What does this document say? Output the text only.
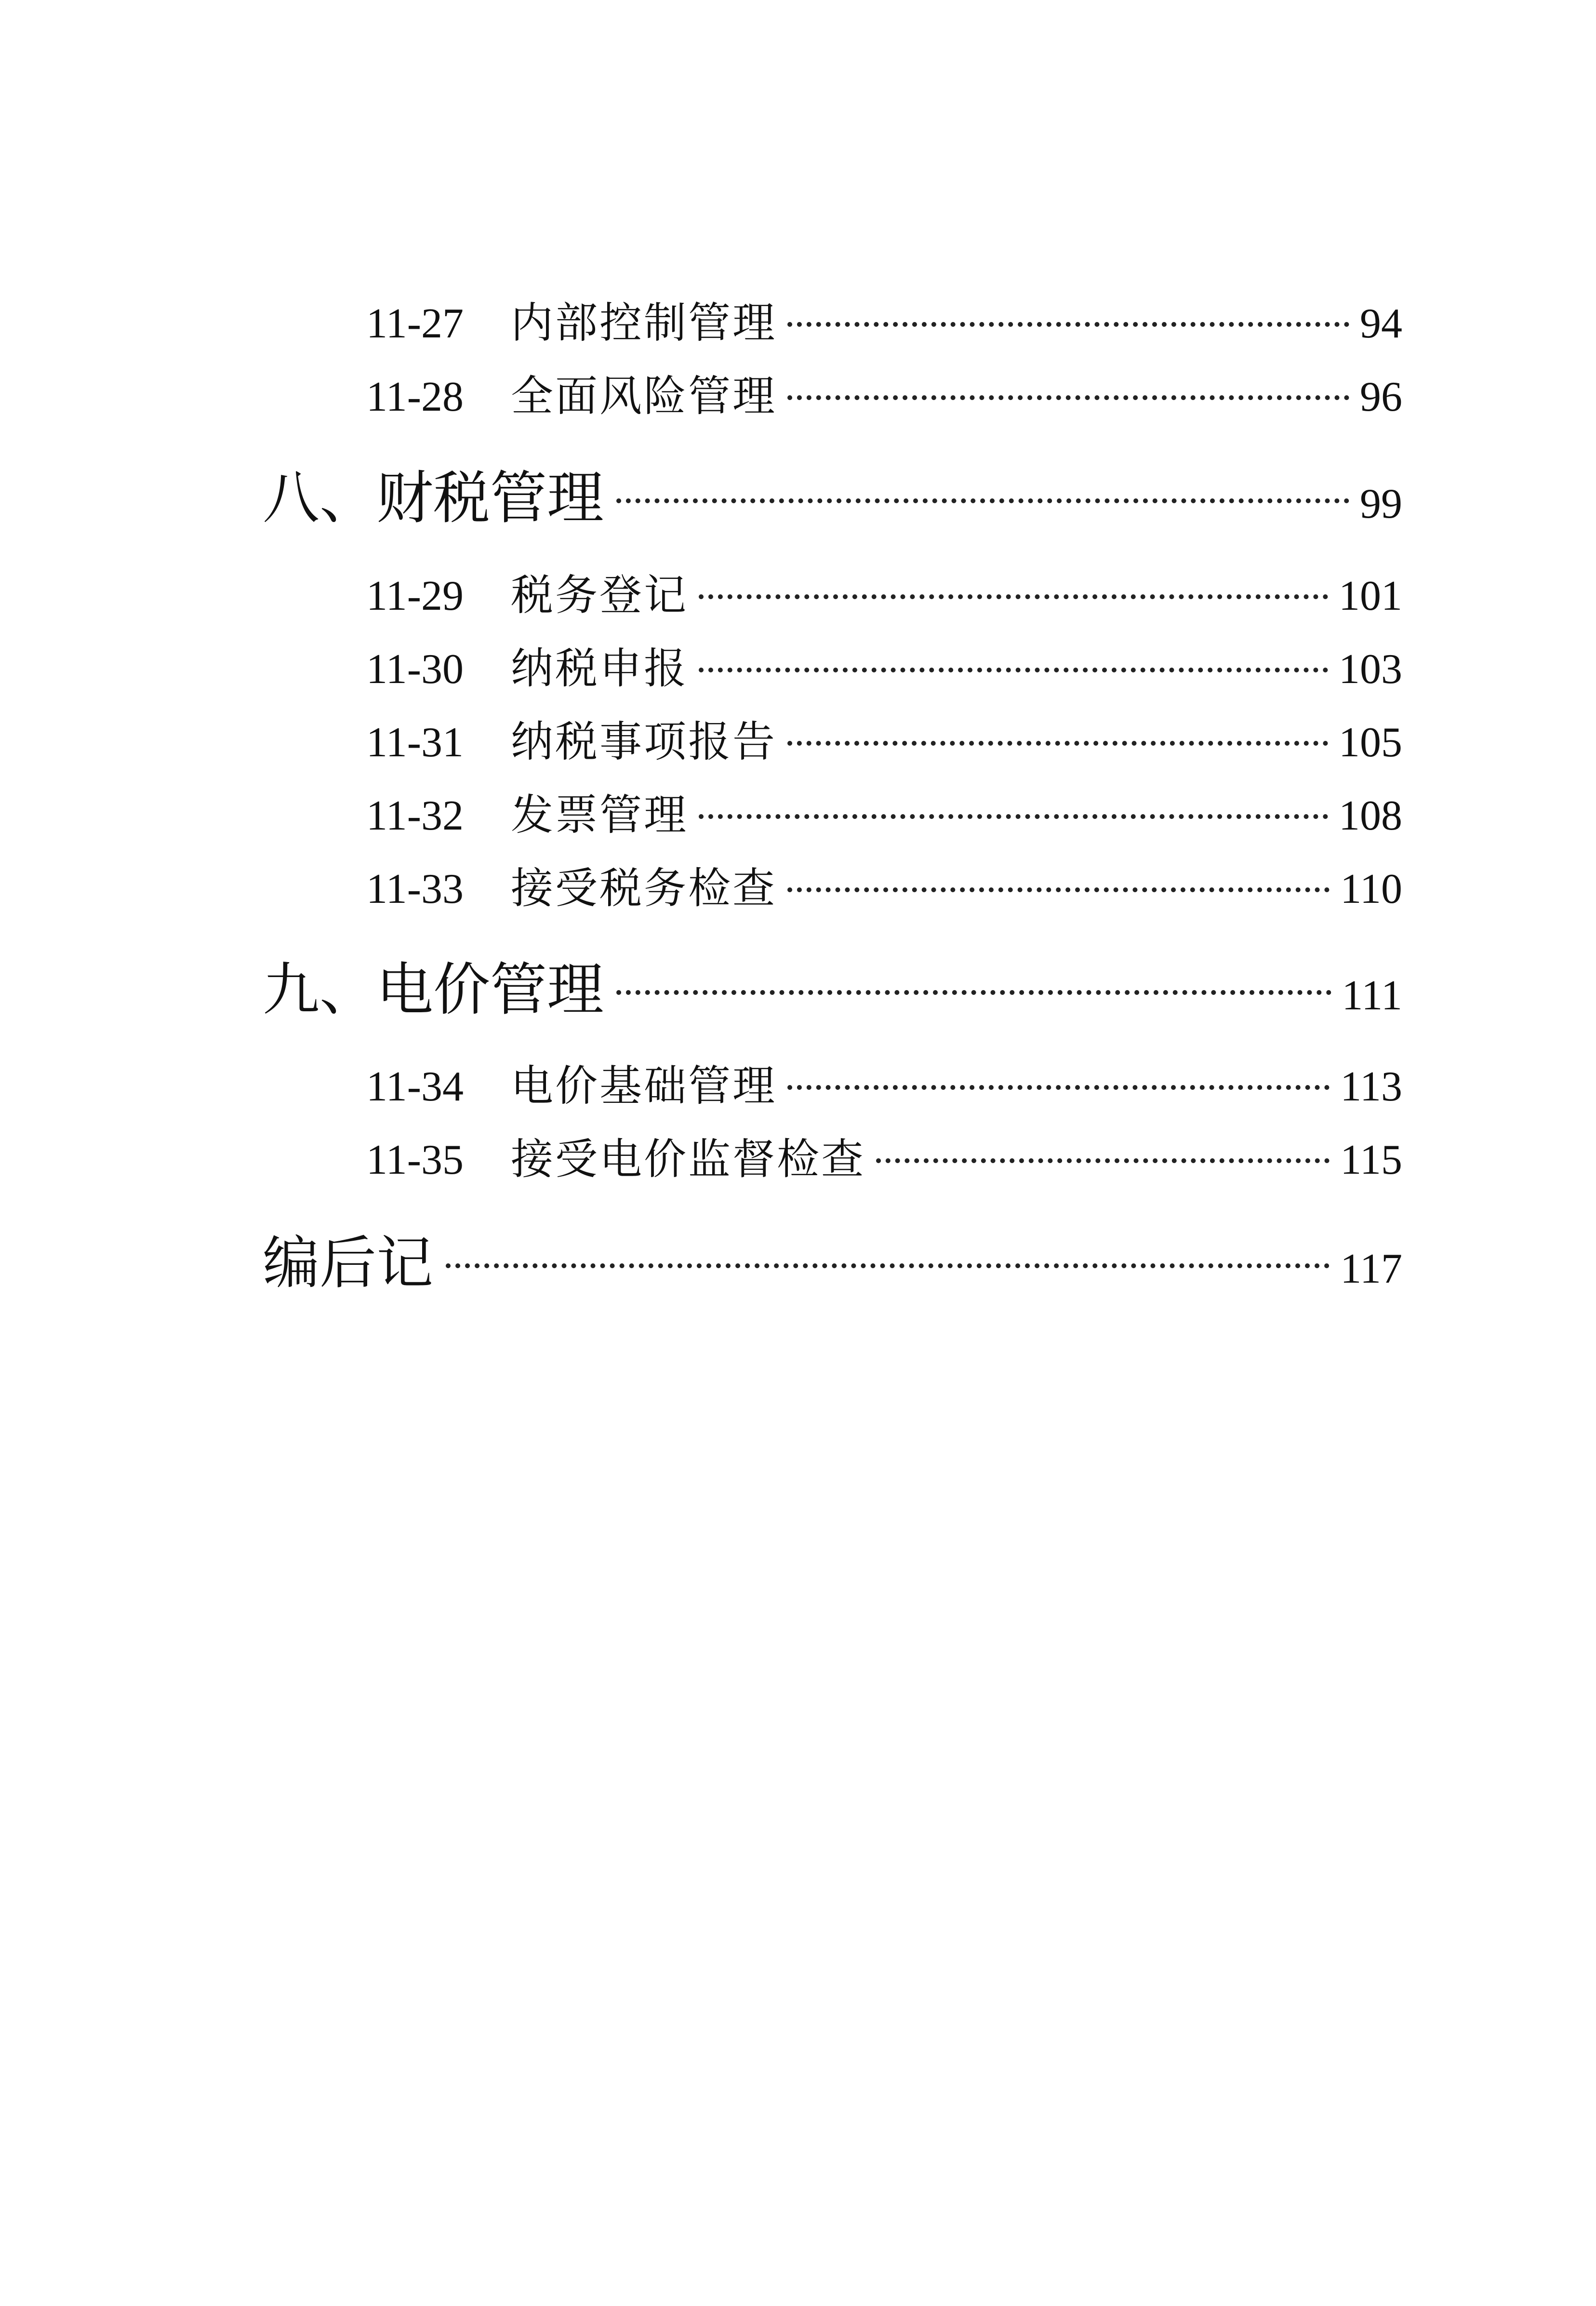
11-27	内部控制管理	94
11-28	全面风险管理	96
八、财税管理	99
11-29	税务登记	101
11-30	纳税申报	103
11-31	纳税事项报告	105
11-32	发票管理	108
11-33	接受税务检查	110
九、电价管理	111
11-34	电价基础管理	113
11-35	接受电价监督检查	115
编后记	117
